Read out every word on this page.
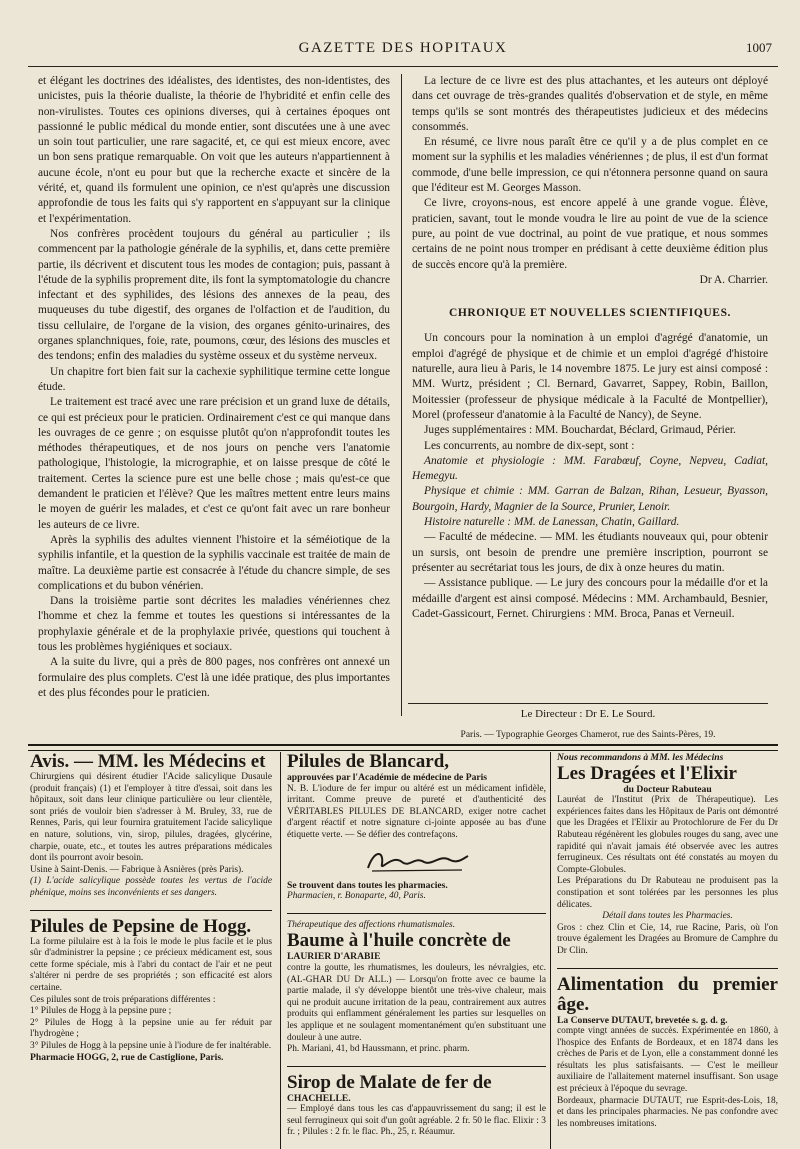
GAZETTE DES HOPITAUX	1007

et élégant les doctrines des idéalistes, des identistes, des non-identistes, des unicistes, puis la théorie dualiste, la théorie de l'hybridité et enfin celle des non-virulistes. Toutes ces opinions diverses, qui à certaines époques ont passionné le public médical du monde entier, sont discutées une à une avec un soin tout particulier, une rare sagacité, et, ce qui est mieux encore, avec un bon sens pratique remarquable. On voit que les auteurs n'appartiennent à aucune école, n'ont eu pour but que la recherche exacte et sincère de la vérité, et, quand ils formulent une opinion, ce n'est qu'après une discussion approfondie de tous les faits qui s'y rapportent en s'appuyant sur la clinique et l'expérimentation.

Nos confrères procèdent toujours du général au particulier ; ils commencent par la pathologie générale de la syphilis, et, dans cette première partie, ils décrivent et discutent tous les modes de contagion; puis, passant à l'étude de la syphilis proprement dite, ils font la symptomatologie du chancre infectant et des syphilides, des lésions des annexes de la peau, des muqueuses du tube digestif, des organes de l'olfaction et de l'audition, du tissu cellulaire, de l'organe de la vision, des organes génito-urinaires, des organes splanchniques, foie, rate, poumons, cœur, des lésions des muscles et des tendons; enfin des maladies du système osseux et du système nerveux.

Un chapitre fort bien fait sur la cachexie syphilitique termine cette longue étude.

Le traitement est tracé avec une rare précision et un grand luxe de détails, ce qui est précieux pour le praticien. Ordinairement c'est ce qui manque dans les ouvrages de ce genre ; on esquisse plutôt qu'on n'approfondit toutes les méthodes thérapeutiques, et de nos jours on penche vers l'anatomie pathologique, l'histologie, la micrographie, et on laisse presque de côté le traitement. Certes la science pure est une belle chose ; mais qu'est-ce que demandent le praticien et l'élève? Que les maîtres mettent entre leurs mains le moyen de guérir les malades, et c'est ce qu'ont fait avec un rare bonheur les auteurs de ce livre.

Après la syphilis des adultes viennent l'histoire et la séméiotique de la syphilis infantile, et la question de la syphilis vaccinale est traitée de main de maître. La deuxième partie est consacrée à l'étude du chancre simple, de ses complications et du bubon vénérien.

Dans la troisième partie sont décrites les maladies vénériennes chez l'homme et chez la femme et toutes les questions si intéressantes de la prophylaxie générale et de la prophylaxie privée, questions qui touchent à tous les problèmes hygiéniques et sociaux.

A la suite du livre, qui a près de 800 pages, nos confrères ont annexé un formulaire des plus complets. C'est là une idée pratique, des plus importantes et des plus fécondes pour le praticien.

La lecture de ce livre est des plus attachantes, et les auteurs ont déployé dans cet ouvrage de très-grandes qualités d'observation et de style, en même temps qu'ils se sont montrés des thérapeutistes judicieux et des médecins consommés.

En résumé, ce livre nous paraît être ce qu'il y a de plus complet en ce moment sur la syphilis et les maladies vénériennes ; de plus, il est d'un format commode, d'une belle impression, ce qui n'étonnera personne quand on saura que l'éditeur est M. Georges Masson.

Ce livre, croyons-nous, est encore appelé à une grande vogue. Élève, praticien, savant, tout le monde voudra le lire au point de vue de la science pure, au point de vue doctrinal, au point de vue pratique, et nous sommes certains de ne point nous tromper en prédisant à cette deuxième édition plus de succès encore qu'à la première.

Dr A. Charrier.

CHRONIQUE ET NOUVELLES SCIENTIFIQUES.

Un concours pour la nomination à un emploi d'agrégé d'anatomie, un emploi d'agrégé de physique et de chimie et un emploi d'agrégé d'histoire naturelle, aura lieu à Paris, le 14 novembre 1875. Le jury est ainsi composé : MM. Wurtz, président ; Cl. Bernard, Gavarret, Sappey, Robin, Baillon, Moitessier (professeur de physique médicale à la Faculté de Montpellier), Morel (professeur d'anatomie à la Faculté de Nancy), de Seyne.

Juges supplémentaires : MM. Bouchardat, Béclard, Grimaud, Périer.

Les concurrents, au nombre de dix-sept, sont :

Anatomie et physiologie : MM. Farabœuf, Coyne, Nepveu, Cadiat, Hemegyu.

Physique et chimie : MM. Garran de Balzan, Rihan, Lesueur, Byasson, Bourgoin, Hardy, Magnier de la Source, Prunier, Lenoir.

Histoire naturelle : MM. de Lanessan, Chatin, Gaillard.

— Faculté de médecine. — MM. les étudiants nouveaux qui, pour obtenir un sursis, ont besoin de prendre une première inscription, pourront se présenter au secrétariat tous les jours, de dix à onze heures du matin.

— Assistance publique. — Le jury des concours pour la médaille d'or et la médaille d'argent est ainsi composé. Médecins : MM. Archambauld, Besnier, Cadet-Gassicourt, Fernet. Chirurgiens : MM. Broca, Panas et Verneuil.

Le Directeur : Dr E. Le Sourd.
Paris. — Typographie Georges Chamerot, rue des Saints-Pères, 19.
Avis. — MM. les Médecins et
Chirurgiens qui désirent étudier l'Acide salicylique Dusaule (produit français) (1) et l'employer à titre d'essai, soit dans les hôpitaux, soit dans leur clinique particulière ou leur clientèle, sont priés de vouloir bien s'adresser à M. Bruley, 33, rue de Rennes, Paris, qui leur fournira gratuitement l'acide salicylique en nature, solutions, vin, sirop, pilules, dragées, glycérine, charpie, ouate, etc., et toutes les autres préparations médicales dont ils pourront avoir besoin.
Usine à Saint-Denis. — Fabrique à Asnières (près Paris).
(1) L'acide salicylique possède toutes les vertus de l'acide phénique, moins ses inconvénients et ses dangers.
Pilules de Pepsine de Hogg.
La forme pilulaire est à la fois le mode le plus facile et le plus sûr d'administrer la pepsine ; ce précieux médicament est, sous cette forme spéciale, mis à l'abri du contact de l'air et ne peut s'altérer ni perdre de ses propriétés ; son efficacité est alors certaine.
Ces pilules sont de trois préparations différentes :
1° Pilules de Hogg à la pepsine pure ;
2° Pilules de Hogg à la pepsine unie au fer réduit par l'hydrogène ;
3° Pilules de Hogg à la pepsine unie à l'iodure de fer inaltérable.
Pharmacie HOGG, 2, rue de Castiglione, Paris.
Pilules de Blancard,
approuvées par l'Académie de médecine de Paris
N. B. L'iodure de fer impur ou altéré est un médicament infidèle, irritant. Comme preuve de pureté et d'authenticité des VÉRITABLES PILULES DE BLANCARD, exiger notre cachet d'argent réactif et notre signature ci-jointe apposée au bas d'une étiquette verte. — Se défier des contrefaçons.
Se trouvent dans toutes les pharmacies.
Pharmacien, r. Bonaparte, 40, Paris.
Thérapeutique des affections rhumatismales.
Baume à l'huile concrète de
LAURIER D'ARABIE
contre la goutte, les rhumatismes, les douleurs, les névralgies, etc. (AL-GHAR DU Dr ALL.) — Lorsqu'on frotte avec ce baume la partie malade, il s'y développe bientôt une très-vive chaleur, mais qui ne produit aucune irritation de la peau, contrairement aux autres produits qui enflamment généralement les parties sur lesquelles on les applique et ne soulagent momentanément qu'en substituant une douleur à une autre.
Ph. Mariani, 41, bd Haussmann, et princ. pharm.
Sirop de Malate de fer de
CHACHELLE.
— Employé dans tous les cas d'appauvrissement du sang; il est le seul ferrugineux qui soit d'un goût agréable. 2 fr. 50 le flac. Elixir : 3 fr. ; Pilules : 2 fr. le flac. Ph., 25, r. Réaumur.
Nous recommandons à MM. les Médecins
Les Dragées et l'Elixir
du Docteur Rabuteau
Lauréat de l'Institut (Prix de Thérapeutique). Les expériences faites dans les Hôpitaux de Paris ont démontré que les Dragées et l'Elixir au Protochlorure de Fer du Dr Rabuteau régénèrent les globules rouges du sang, avec une rapidité qui n'avait jamais été observée avec les autres ferrugineux. Ces résultats ont été constatés au moyen du Compte-Globules.
Les Préparations du Dr Rabuteau ne produisent pas la constipation et sont tolérées par les personnes les plus délicates.
Détail dans toutes les Pharmacies.
Gros : chez Clin et Cie, 14, rue Racine, Paris, où l'on trouve également les Dragées au Bromure de Camphre du Dr Clin.
Alimentation du premier âge.
La Conserve DUTAUT, brevetée s. g. d. g.
compte vingt années de succès. Expérimentée en 1860, à l'hospice des Enfants de Bordeaux, et en 1874 dans les crèches de Paris et de Lyon, elle a constamment donné les résultats les plus satisfaisants. — C'est le meilleur auxiliaire de l'allaitement maternel insuffisant. Son usage est précieux à l'époque du sevrage.
Bordeaux, pharmacie DUTAUT, rue Esprit-des-Lois, 18, et dans les principales pharmacies. Ne pas confondre avec les nombreuses imitations.
